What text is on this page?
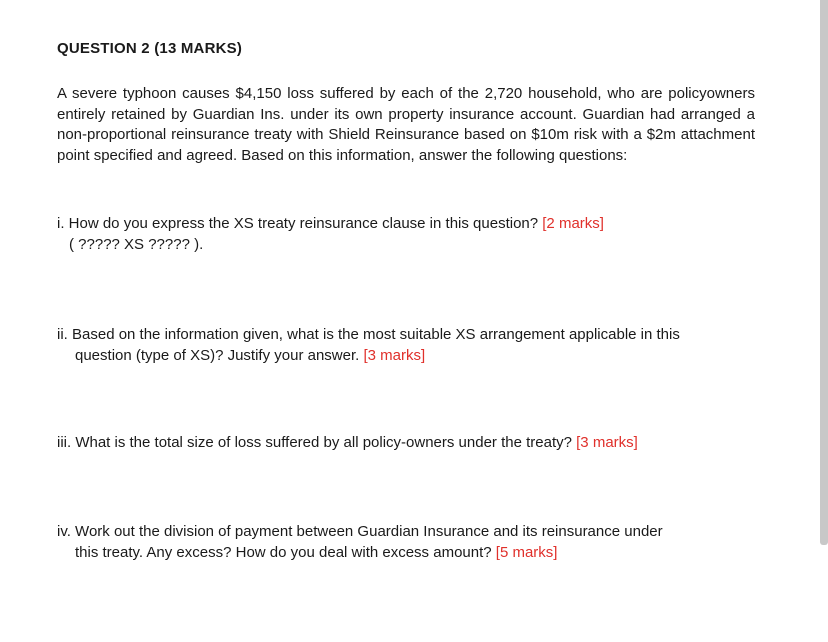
QUESTION 2 (13 MARKS)
A severe typhoon causes $4,150 loss suffered by each of the 2,720 household, who are policyowners entirely retained by Guardian Ins. under its own property insurance account. Guardian had arranged a non-proportional reinsurance treaty with Shield Reinsurance based on $10m risk with a $2m attachment point specified and agreed. Based on this information, answer the following questions:
i. How do you express the XS treaty reinsurance clause in this question? [2 marks]
( ????? XS ????? ).
ii. Based on the information given, what is the most suitable XS arrangement applicable in this
question (type of XS)? Justify your answer. [3 marks]
iii. What is the total size of loss suffered by all policy-owners under the treaty? [3 marks]
iv. Work out the division of payment between Guardian Insurance and its reinsurance under
this treaty. Any excess? How do you deal with excess amount? [5 marks]
